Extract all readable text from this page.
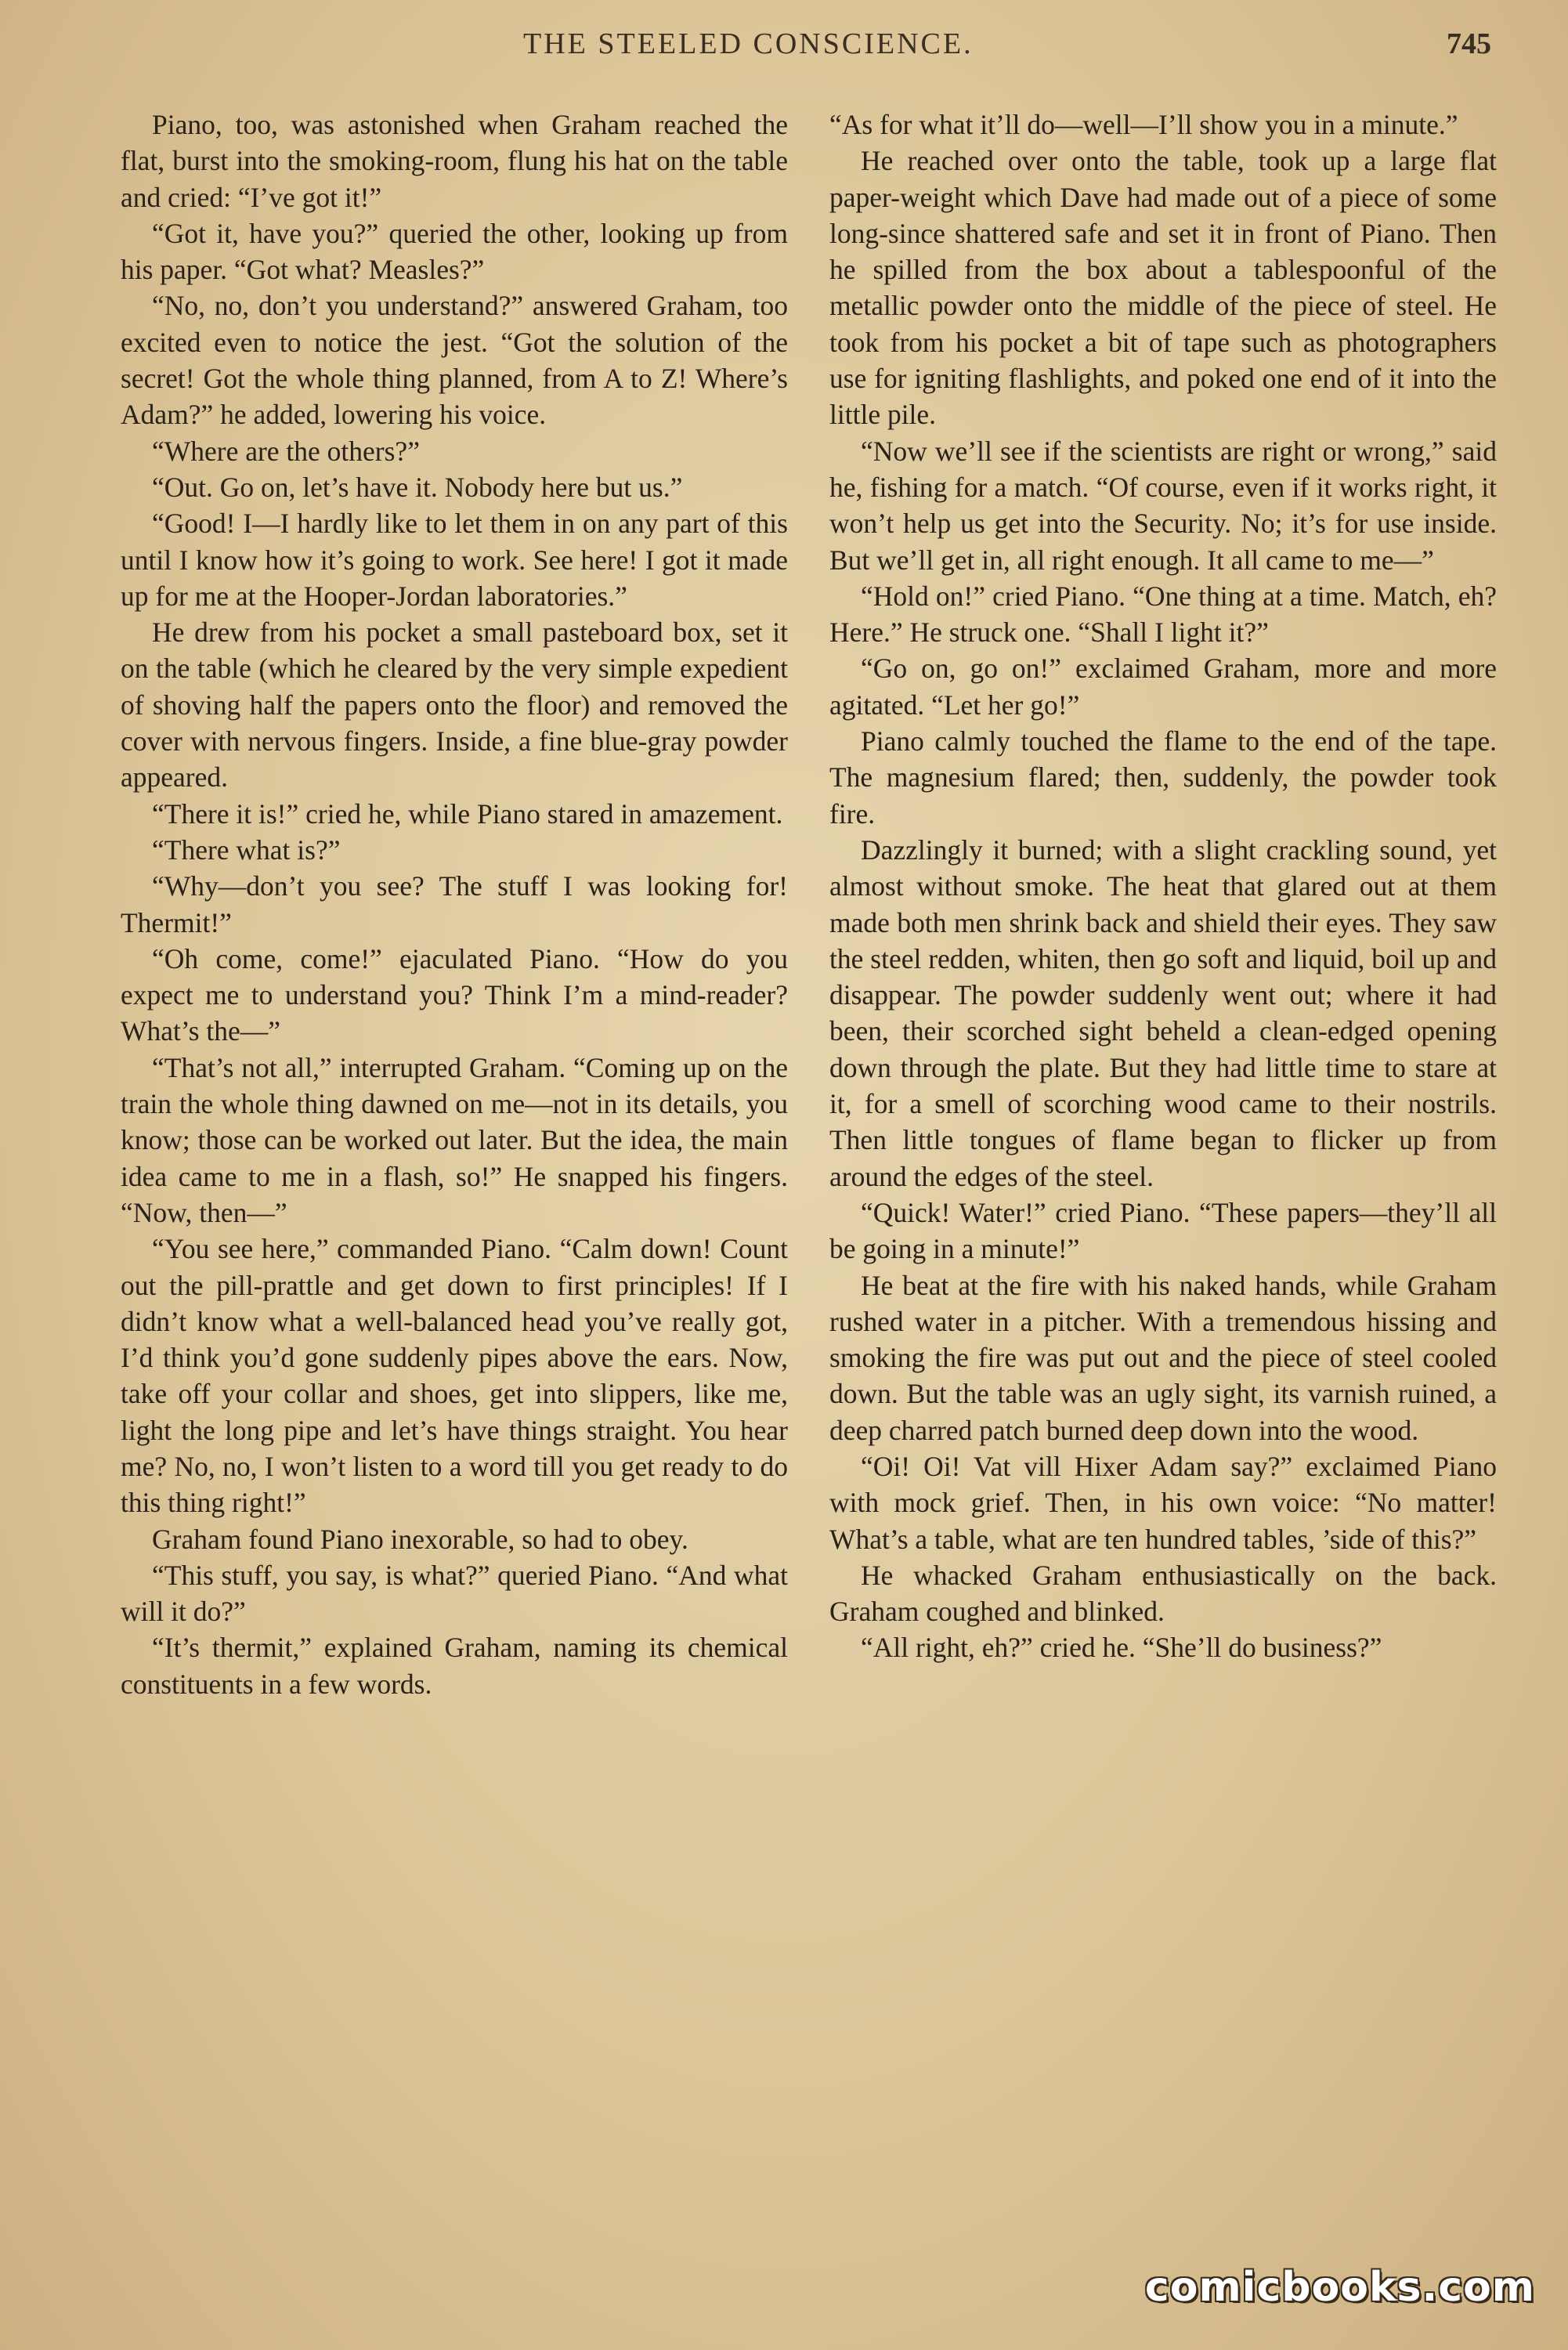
THE STEELED CONSCIENCE.	745

Piano, too, was astonished when Graham reached the flat, burst into the smoking-room, flung his hat on the table and cried: “I’ve got it!”

“Got it, have you?” queried the other, looking up from his paper. “Got what? Measles?”

“No, no, don’t you understand?” answered Graham, too excited even to notice the jest. “Got the solution of the secret! Got the whole thing planned, from A to Z! Where’s Adam?” he added, lowering his voice.

“Where are the others?”

“Out. Go on, let’s have it. Nobody here but us.”

“Good! I—I hardly like to let them in on any part of this until I know how it’s going to work. See here! I got it made up for me at the Hooper-Jordan laboratories.”

He drew from his pocket a small pasteboard box, set it on the table (which he cleared by the very simple expedient of shoving half the papers onto the floor) and removed the cover with nervous fingers. Inside, a fine blue-gray powder appeared.

“There it is!” cried he, while Piano stared in amazement.

“There what is?”

“Why—don’t you see? The stuff I was looking for! Thermit!”

“Oh come, come!” ejaculated Piano. “How do you expect me to understand you? Think I’m a mind-reader? What’s the—”

“That’s not all,” interrupted Graham. “Coming up on the train the whole thing dawned on me—not in its details, you know; those can be worked out later. But the idea, the main idea came to me in a flash, so!” He snapped his fingers. “Now, then—”

“You see here,” commanded Piano. “Calm down! Count out the pill-prattle and get down to first principles! If I didn’t know what a well-balanced head you’ve really got, I’d think you’d gone suddenly pipes above the ears. Now, take off your collar and shoes, get into slippers, like me, light the long pipe and let’s have things straight. You hear me? No, no, I won’t listen to a word till you get ready to do this thing right!”

Graham found Piano inexorable, so had to obey.

“This stuff, you say, is what?” queried Piano. “And what will it do?”

“It’s thermit,” explained Graham, naming its chemical constituents in a few words.

“As for what it’ll do—well—I’ll show you in a minute.”

He reached over onto the table, took up a large flat paper-weight which Dave had made out of a piece of some long-since shattered safe and set it in front of Piano. Then he spilled from the box about a tablespoonful of the metallic powder onto the middle of the piece of steel. He took from his pocket a bit of tape such as photographers use for igniting flashlights, and poked one end of it into the little pile.

“Now we’ll see if the scientists are right or wrong,” said he, fishing for a match. “Of course, even if it works right, it won’t help us get into the Security. No; it’s for use inside. But we’ll get in, all right enough. It all came to me—”

“Hold on!” cried Piano. “One thing at a time. Match, eh? Here.” He struck one. “Shall I light it?”

“Go on, go on!” exclaimed Graham, more and more agitated. “Let her go!”

Piano calmly touched the flame to the end of the tape. The magnesium flared; then, suddenly, the powder took fire.

Dazzlingly it burned; with a slight crackling sound, yet almost without smoke. The heat that glared out at them made both men shrink back and shield their eyes. They saw the steel redden, whiten, then go soft and liquid, boil up and disappear. The powder suddenly went out; where it had been, their scorched sight beheld a clean-edged opening down through the plate. But they had little time to stare at it, for a smell of scorching wood came to their nostrils. Then little tongues of flame began to flicker up from around the edges of the steel.

“Quick! Water!” cried Piano. “These papers—they’ll all be going in a minute!”

He beat at the fire with his naked hands, while Graham rushed water in a pitcher. With a tremendous hissing and smoking the fire was put out and the piece of steel cooled down. But the table was an ugly sight, its varnish ruined, a deep charred patch burned deep down into the wood.

“Oi! Oi! Vat vill Hixer Adam say?” exclaimed Piano with mock grief. Then, in his own voice: “No matter! What’s a table, what are ten hundred tables, ’side of this?”

He whacked Graham enthusiastically on the back. Graham coughed and blinked.

“All right, eh?” cried he. “She’ll do business?”

comicbooks.com
